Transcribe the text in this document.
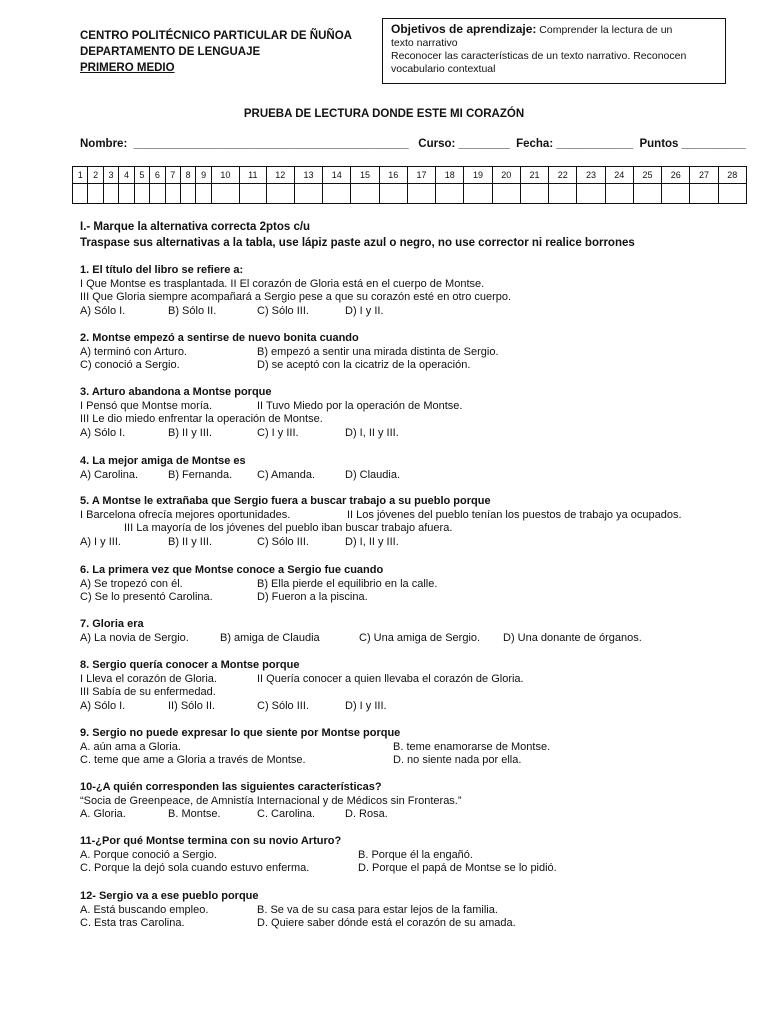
CENTRO POLITÉCNICO PARTICULAR DE ÑUÑOA
DEPARTAMENTO DE LENGUAJE
PRIMERO MEDIO
Objetivos de aprendizaje: Comprender la lectura de un
texto narrativo
Reconocer las características de un texto narrativo. Reconocen
vocabulario contextual
PRUEBA DE LECTURA DONDE ESTE MI CORAZÓN
Nombre:  ___________________________________________   Curso: ________  Fecha: ____________  Puntos __________
1	2	3	4	5	6	7	8	9	10	11	12	13	14	15	16	17	18	19	20	21	22	23	24	25	26	27	28

I.- Marque la alternativa correcta 2ptos c/u
Traspase sus alternativas a la tabla, use lápiz paste azul o negro, no use corrector ni realice borrones
1. El título del libro se refiere a:
I Que Montse es trasplantada. II El corazón de Gloria está en el cuerpo de Montse.
III Que Gloria siempre acompañará a Sergio pese a que su corazón esté en otro cuerpo.
A) Sólo I.	B) Sólo II.	C) Sólo III.	D) I y II.
2. Montse empezó a sentirse de nuevo bonita cuando
A) terminó con Arturo.	B) empezó a sentir una mirada distinta de Sergio.
C) conoció a Sergio.	D) se aceptó con la cicatriz de la operación.
3. Arturo abandona a Montse porque
I Pensó que Montse moría.	II Tuvo Miedo por la operación de Montse.
III Le dio miedo enfrentar la operación de Montse.
A) Sólo I.	B) II y III.	C) I y III.	D) I, II y III.
4. La mejor amiga de Montse es
A) Carolina.	B) Fernanda. C) Amanda.	D) Claudia.
5. A Montse le extrañaba que Sergio fuera a buscar trabajo a su pueblo porque
I Barcelona ofrecía mejores oportunidades.	II Los jóvenes del pueblo tenían los puestos de trabajo ya ocupados.
III La mayoría de los jóvenes del pueblo iban buscar trabajo afuera.
A) I y III.	B) II y III.	C) Sólo III.	D) I, II y III.
6. La primera vez que Montse conoce a Sergio fue cuando
A) Se tropezó con él.	B) Ella pierde el equilibrio en la calle.
C) Se lo presentó Carolina.	D) Fueron a la piscina.
7. Gloria era
A) La novia de Sergio.	B) amiga de Claudia	C) Una amiga de Sergio. D) Una donante de órganos.
8. Sergio quería conocer a Montse porque
I Lleva el corazón de Gloria.	II Quería conocer a quien llevaba el corazón de Gloria.
III Sabía de su enfermedad.
A) Sólo I.	II) Sólo II.	C) Sólo III.	D) I y III.
9. Sergio no puede expresar lo que siente por Montse porque
A. aún ama a Gloria.	B. teme enamorarse de Montse.
C. teme que ame a Gloria a través de Montse.	D. no siente nada por ella.
10-¿A quién corresponden las siguientes características?
“Socia de Greenpeace, de Amnistía Internacional y de Médicos sin Fronteras.”
A. Gloria.	B. Montse.	C. Carolina.	D. Rosa.
11-¿Por qué Montse termina con su novio Arturo?
A. Porque conoció a Sergio.	B. Porque él la engañó.
C. Porque la dejó sola cuando estuvo enferma.	D. Porque el papá de Montse se lo pidió.
12- Sergio va a ese pueblo porque
A. Está buscando empleo.	B. Se va de su casa para estar lejos de la familia.
C. Esta tras Carolina.	D. Quiere saber dónde está el corazón de su amada.
